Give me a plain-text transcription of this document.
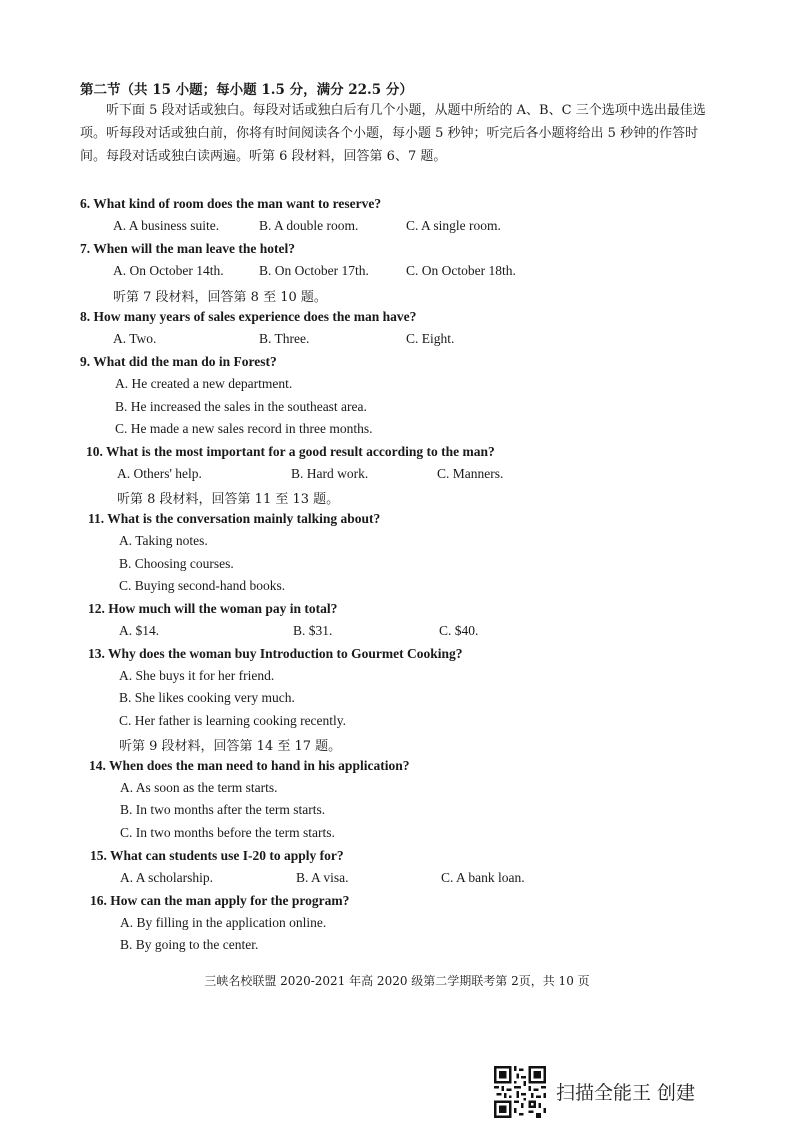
第二节（共 15 小题；每小题 1.5 分，满分 22.5 分）
听下面 5 段对话或独白。每段对话或独白后有几个小题，从题中所给的 A、B、C 三个选项中选出最佳选项。听每段对话或独白前，你将有时间阅读各个小题，每小题 5 秒钟；听完后各小题将给出 5 秒钟的作答时间。每段对话或独白读两遍。听第 6 段材料，回答第 6、7 题。
6. What kind of room does the man want to reserve?
A. A business suite.	B. A double room.	C. A single room.
7. When will the man leave the hotel?
A. On October 14th.	B. On October 17th.	C. On October 18th.
听第 7 段材料，回答第 8 至 10 题。
8. How many years of sales experience does the man have?
A. Two.	B. Three.	C. Eight.
9. What did the man do in Forest?
A. He created a new department.
B. He increased the sales in the southeast area.
C. He made a new sales record in three months.
10. What is the most important for a good result according to the man?
A. Others' help.	B. Hard work.	C. Manners.
听第 8 段材料，回答第 11 至 13 题。
11. What is the conversation mainly talking about?
A. Taking notes.
B. Choosing courses.
C. Buying second-hand books.
12. How much will the woman pay in total?
A. $14.	B. $31.	C. $40.
13. Why does the woman buy Introduction to Gourmet Cooking?
A. She buys it for her friend.
B. She likes cooking very much.
C. Her father is learning cooking recently.
听第 9 段材料，回答第 14 至 17 题。
14. When does the man need to hand in his application?
A. As soon as the term starts.
B. In two months after the term starts.
C. In two months before the term starts.
15. What can students use I-20 to apply for?
A. A scholarship.	B. A visa.	C. A bank loan.
16. How can the man apply for the program?
A. By filling in the application online.
B. By going to the center.
三峡名校联盟 2020-2021 年高 2020 级第二学期联考第 2页，共 10 页
扫描全能王 创建
